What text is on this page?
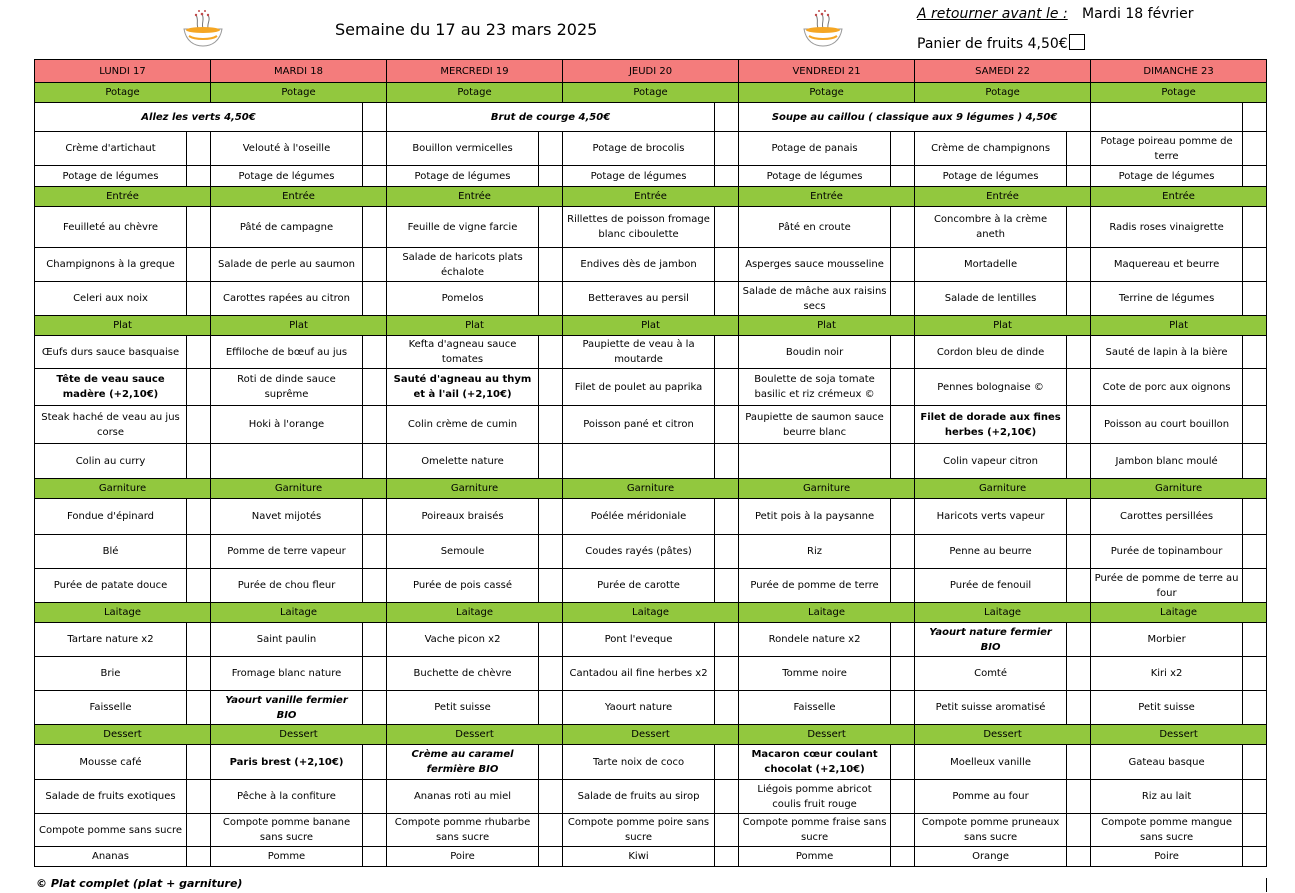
Semaine du 17 au 23 mars 2025
A retourner avant le : Mardi 18 février
Panier de fruits 4,50€
LUNDI 17		MARDI 18		MERCREDI 19		JEUDI 20		VENDREDI 21		SAMEDI 22		DIMANCHE 23		
Potage		Potage		Potage		Potage		Potage		Potage		Potage		
Allez les verts 4,50€				Brut de courge 4,50€				Soupe au caillou ( classique aux 9 légumes ) 4,50€						
Crème d'artichaut		Velouté à l'oseille		Bouillon vermicelles		Potage de brocolis		Potage de panais		Crème de champignons		Potage poireau pomme de terre		
Potage de légumes		Potage de légumes		Potage de légumes		Potage de légumes		Potage de légumes		Potage de légumes		Potage de légumes		
Entrée		Entrée		Entrée		Entrée		Entrée		Entrée		Entrée		
Feuilleté au chèvre		Pâté de campagne		Feuille de vigne farcie		Rillettes de poisson fromage blanc ciboulette		Pâté en croute		Concombre à la crème aneth		Radis roses vinaigrette		
Champignons à la greque		Salade de perle au saumon		Salade de haricots plats échalote		Endives dès de jambon		Asperges sauce mousseline		Mortadelle		Maquereau et beurre		
Celeri aux noix		Carottes rapées au citron		Pomelos		Betteraves au persil		Salade de mâche aux raisins secs		Salade de lentilles		Terrine de légumes		
Plat		Plat		Plat		Plat		Plat		Plat		Plat		
Œufs durs sauce basquaise		Effiloche de bœuf au jus		Kefta d'agneau sauce tomates		Paupiette de veau à la moutarde		Boudin noir		Cordon bleu de dinde		Sauté de lapin à la bière		
Tête de veau sauce madère (+2,10€)		Roti de dinde sauce suprême		Sauté d'agneau au thym et à l'ail (+2,10€)		Filet de poulet au paprika		Boulette de soja tomate basilic et riz crémeux ©		Pennes bolognaise ©		Cote de porc aux oignons		
Steak haché de veau au jus corse		Hoki à l'orange		Colin crème de cumin		Poisson pané et citron		Paupiette de saumon sauce beurre blanc		Filet de dorade aux fines herbes (+2,10€)		Poisson au court bouillon		
Colin au curry				Omelette nature						Colin vapeur citron		Jambon blanc moulé		
Garniture		Garniture		Garniture		Garniture		Garniture		Garniture		Garniture		
Fondue d'épinard		Navet mijotés		Poireaux braisés		Poélée méridoniale		Petit pois à la paysanne		Haricots verts vapeur		Carottes persillées		
Blé		Pomme de terre vapeur		Semoule		Coudes rayés (pâtes)		Riz		Penne au beurre		Purée de topinambour		
Purée de patate douce		Purée de chou fleur		Purée de pois cassé		Purée de carotte		Purée de pomme de terre		Purée de fenouil		Purée de pomme de terre au four		
Laitage		Laitage		Laitage		Laitage		Laitage		Laitage		Laitage		
Tartare nature x2		Saint paulin		Vache picon x2		Pont l'eveque		Rondele nature x2		Yaourt nature fermier BIO		Morbier		
Brie		Fromage blanc nature		Buchette de chèvre		Cantadou ail fine herbes x2		Tomme noire		Comté		Kiri x2		
Faisselle		Yaourt vanille fermier BIO		Petit suisse		Yaourt nature		Faisselle		Petit suisse aromatisé		Petit suisse		
Dessert		Dessert		Dessert		Dessert		Dessert		Dessert		Dessert		
Mousse café		Paris brest (+2,10€)		Crème au caramel fermière BIO		Tarte noix de coco		Macaron cœur coulant chocolat (+2,10€)		Moelleux vanille		Gateau basque		
Salade de fruits exotiques		Pêche à la confiture		Ananas roti au miel		Salade de fruits au sirop		Liégois pomme abricot coulis fruit rouge		Pomme au four		Riz au lait		
Compote pomme sans sucre		Compote pomme banane sans sucre		Compote pomme rhubarbe sans sucre		Compote pomme poire sans sucre		Compote pomme fraise sans sucre		Compote pomme pruneaux sans sucre		Compote pomme mangue sans sucre		
Ananas		Pomme		Poire		Kiwi		Pomme		Orange		Poire		
© Plat complet (plat + garniture)
